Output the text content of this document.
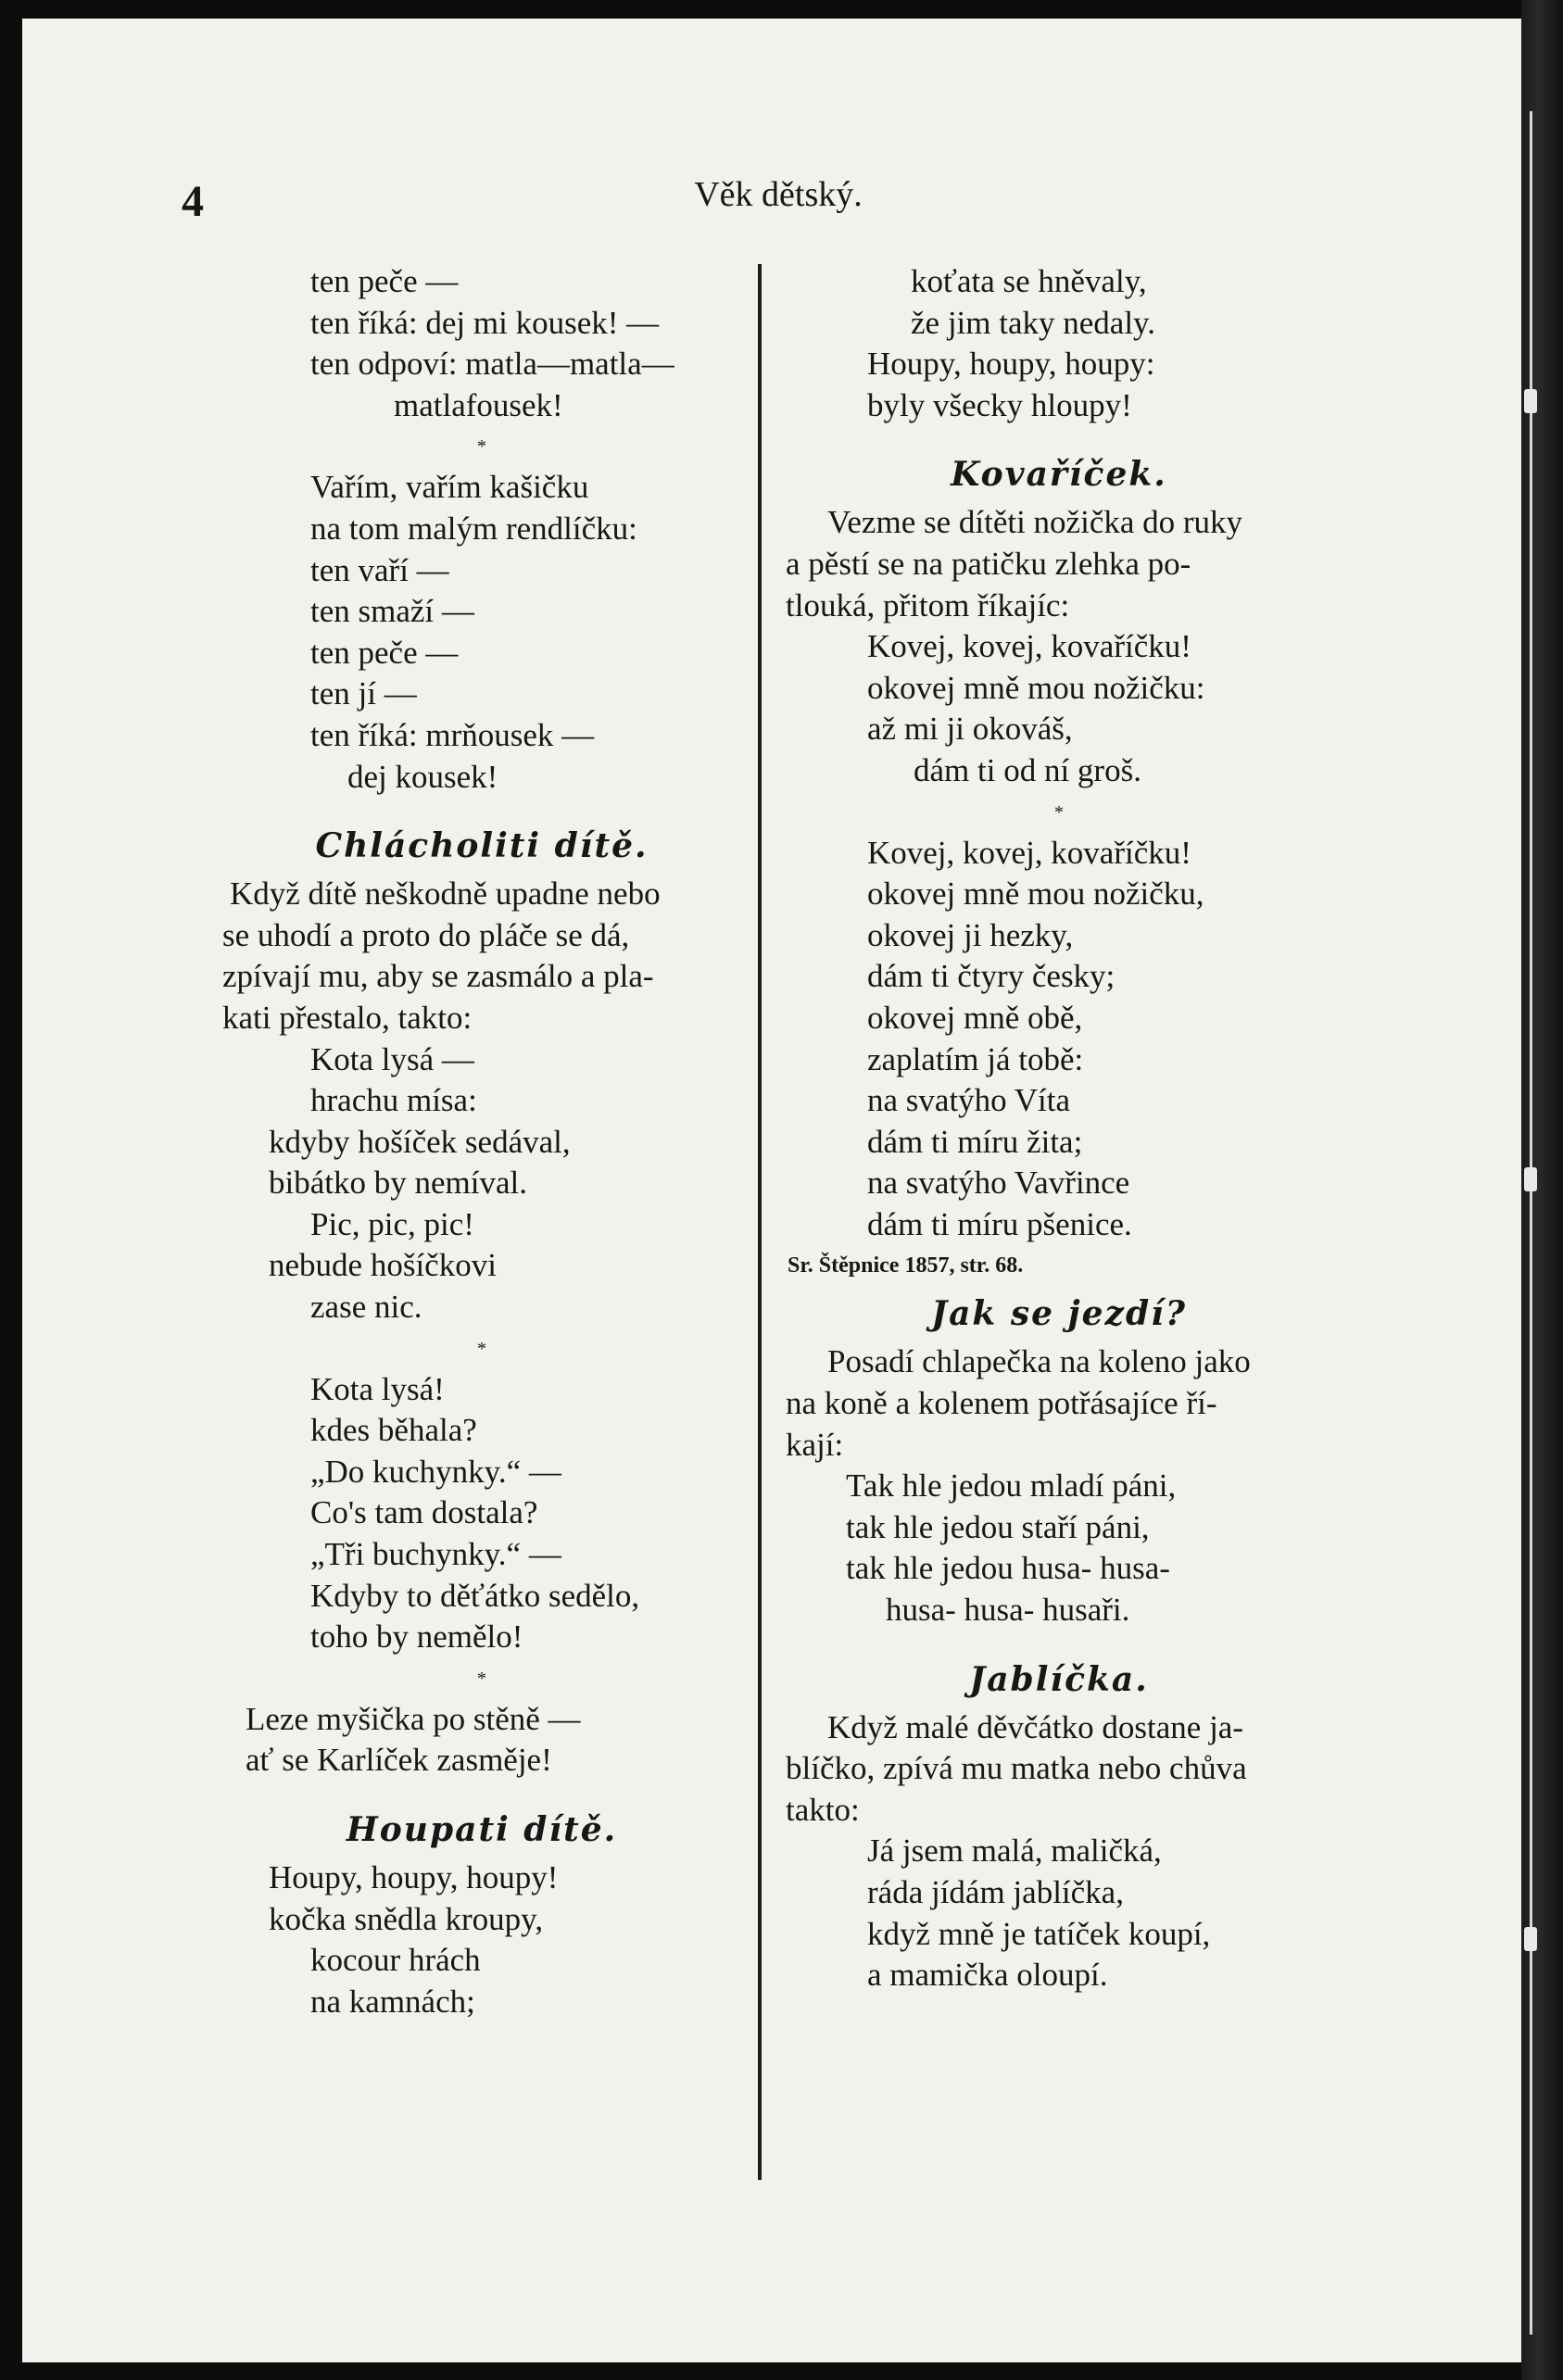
4	Věk dětský.
ten peče —
ten říká: dej mi kousek! —
ten odpoví: matla—matla—
matlafousek!
*
Vařím, vařím kašičku
na tom malým rendlíčku:
ten vaří —
ten smaží —
ten peče —
ten jí —
ten říká: mrňousek —
dej kousek!
Chlácholiti dítě.
Když dítě neškodně upadne nebo
se uhodí a proto do pláče se dá,
zpívají mu, aby se zasmálo a pla-
kati přestalo, takto:
Kota lysá —
hrachu mísa:
kdyby hošíček sedával,
bibátko by nemíval.
Pic, pic, pic!
nebude hošíčkovi
zase nic.
*
Kota lysá!
kdes běhala?
„Do kuchynky.“ —
Co's tam dostala?
„Tři buchynky.“ —
Kdyby to děťátko sedělo,
toho by nemělo!
*
Leze myšička po stěně —
ať se Karlíček zasměje!
Houpati dítě.
Houpy, houpy, houpy!
kočka snědla kroupy,
kocour hrách
na kamnách;
koťata se hněvaly,
že jim taky nedaly.
Houpy, houpy, houpy:
byly všecky hloupy!
Kovaříček.
Vezme se dítěti nožička do ruky
a pěstí se na patičku zlehka po-
tlouká, přitom říkajíc:
Kovej, kovej, kovaříčku!
okovej mně mou nožičku:
až mi ji okováš,
dám ti od ní groš.
*
Kovej, kovej, kovaříčku!
okovej mně mou nožičku,
okovej ji hezky,
dám ti čtyry česky;
okovej mně obě,
zaplatím já tobě:
na svatýho Víta
dám ti míru žita;
na svatýho Vavřince
dám ti míru pšenice.
Sr. Štěpnice 1857, str. 68.
Jak se jezdí?
Posadí chlapečka na koleno jako
na koně a kolenem potřásajíce ří-
kají:
Tak hle jedou mladí páni,
tak hle jedou staří páni,
tak hle jedou husa- husa-
husa- husa- husaři.
Jablíčka.
Když malé děvčátko dostane ja-
blíčko, zpívá mu matka nebo chůva
takto:
Já jsem malá, maličká,
ráda jídám jablíčka,
když mně je tatíček koupí,
a mamička oloupí.
